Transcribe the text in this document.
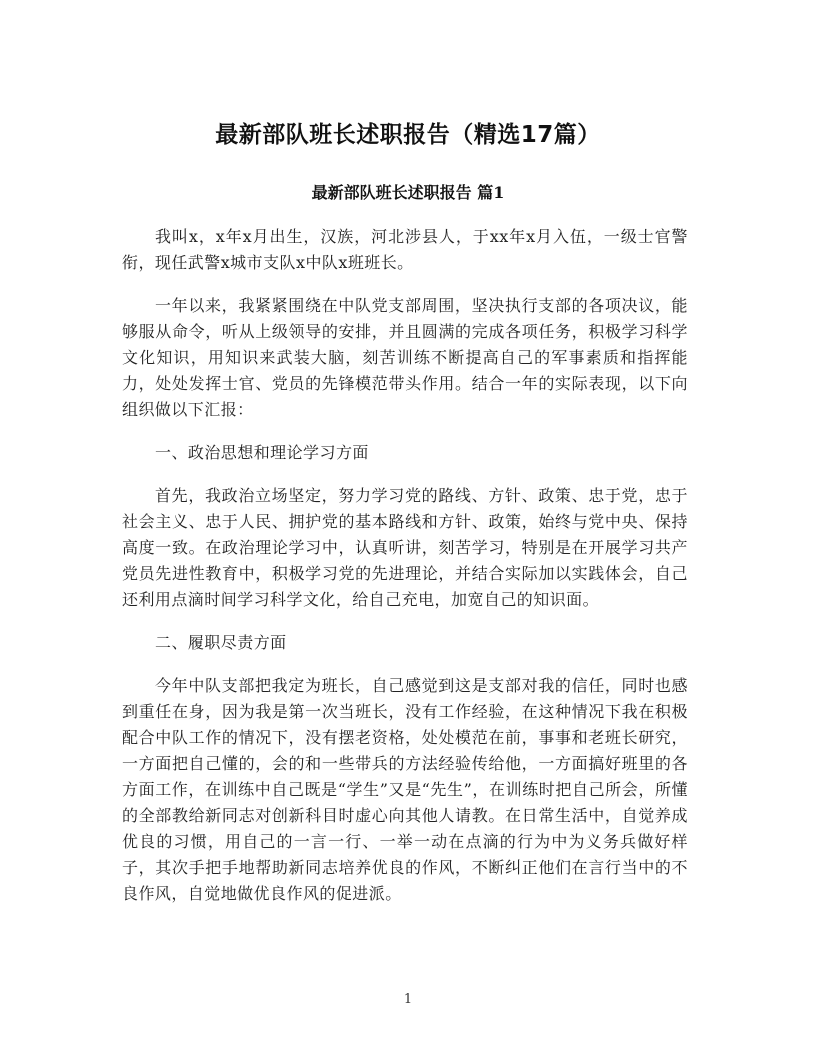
最新部队班长述职报告（精选17篇）
最新部队班长述职报告 篇1

我叫x，x年x月出生，汉族，河北涉县人，于xx年x月入伍，一级士官警衔，现任武警x城市支队x中队x班班长。

一年以来，我紧紧围绕在中队党支部周围，坚决执行支部的各项决议，能够服从命令，听从上级领导的安排，并且圆满的完成各项任务，积极学习科学文化知识，用知识来武装大脑，刻苦训练不断提高自己的军事素质和指挥能力，处处发挥士官、党员的先锋模范带头作用。结合一年的实际表现，以下向组织做以下汇报：

一、政治思想和理论学习方面

首先，我政治立场坚定，努力学习党的路线、方针、政策、忠于党，忠于社会主义、忠于人民、拥护党的基本路线和方针、政策，始终与党中央、保持高度一致。在政治理论学习中，认真听讲，刻苦学习，特别是在开展学习共产党员先进性教育中，积极学习党的先进理论，并结合实际加以实践体会，自己还利用点滴时间学习科学文化，给自己充电，加宽自己的知识面。

二、履职尽责方面

今年中队支部把我定为班长，自己感觉到这是支部对我的信任，同时也感到重任在身，因为我是第一次当班长，没有工作经验，在这种情况下我在积极配合中队工作的情况下，没有摆老资格，处处模范在前，事事和老班长研究，一方面把自己懂的，会的和一些带兵的方法经验传给他，一方面搞好班里的各方面工作，在训练中自己既是“学生”又是“先生”，在训练时把自己所会，所懂的全部教给新同志对创新科目时虚心向其他人请教。在日常生活中，自觉养成优良的习惯，用自己的一言一行、一举一动在点滴的行为中为义务兵做好样子，其次手把手地帮助新同志培养优良的作风，不断纠正他们在言行当中的不良作风，自觉地做优良作风的促进派。

1
